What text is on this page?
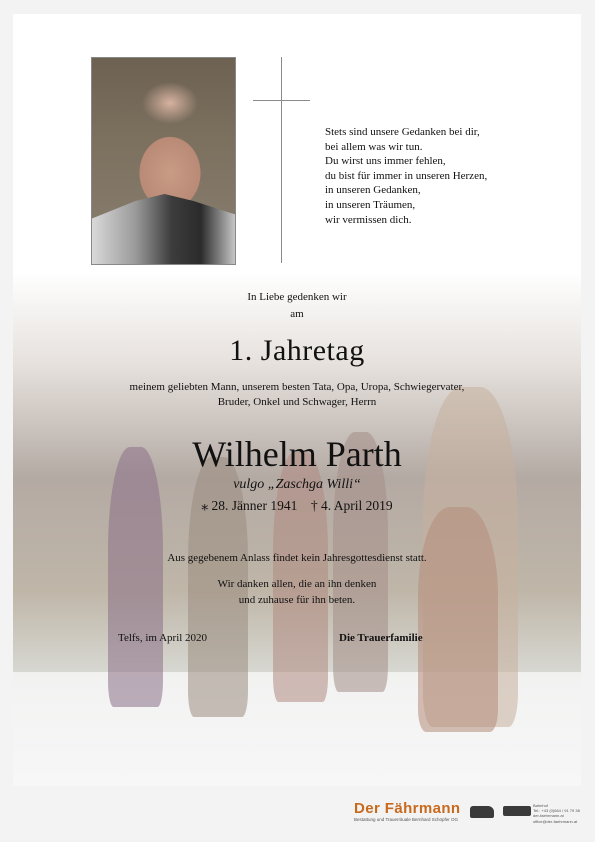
Stets sind unsere Gedanken bei dir,
bei allem was wir tun.
Du wirst uns immer fehlen,
du bist für immer in unseren Herzen,
in unseren Gedanken,
in unseren Träumen,
wir vermissen dich.
In Liebe gedenken wir
am
1. Jahretag
meinem geliebten Mann, unserem besten Tata, Opa, Uropa, Schwiegervater,
Bruder, Onkel und Schwager, Herrn
Wilhelm Parth
vulgo „Zaschga Willi“
⁎ 28. Jänner 1941    † 4. April 2019
Aus gegebenem Anlass findet kein Jahresgottesdienst statt.
Wir danken allen, die an ihn denken
und zuhause für ihn beten.
Telfs, im April 2020	Die Trauerfamilie
Der Fährmann
Bestattung und Trauerrituale Bernhard Schöpfer OG
Bahnhof
Tel.: +43 (0)664 / 91 79 38
der-faehrmann.at
office@der-faehrmann.at
